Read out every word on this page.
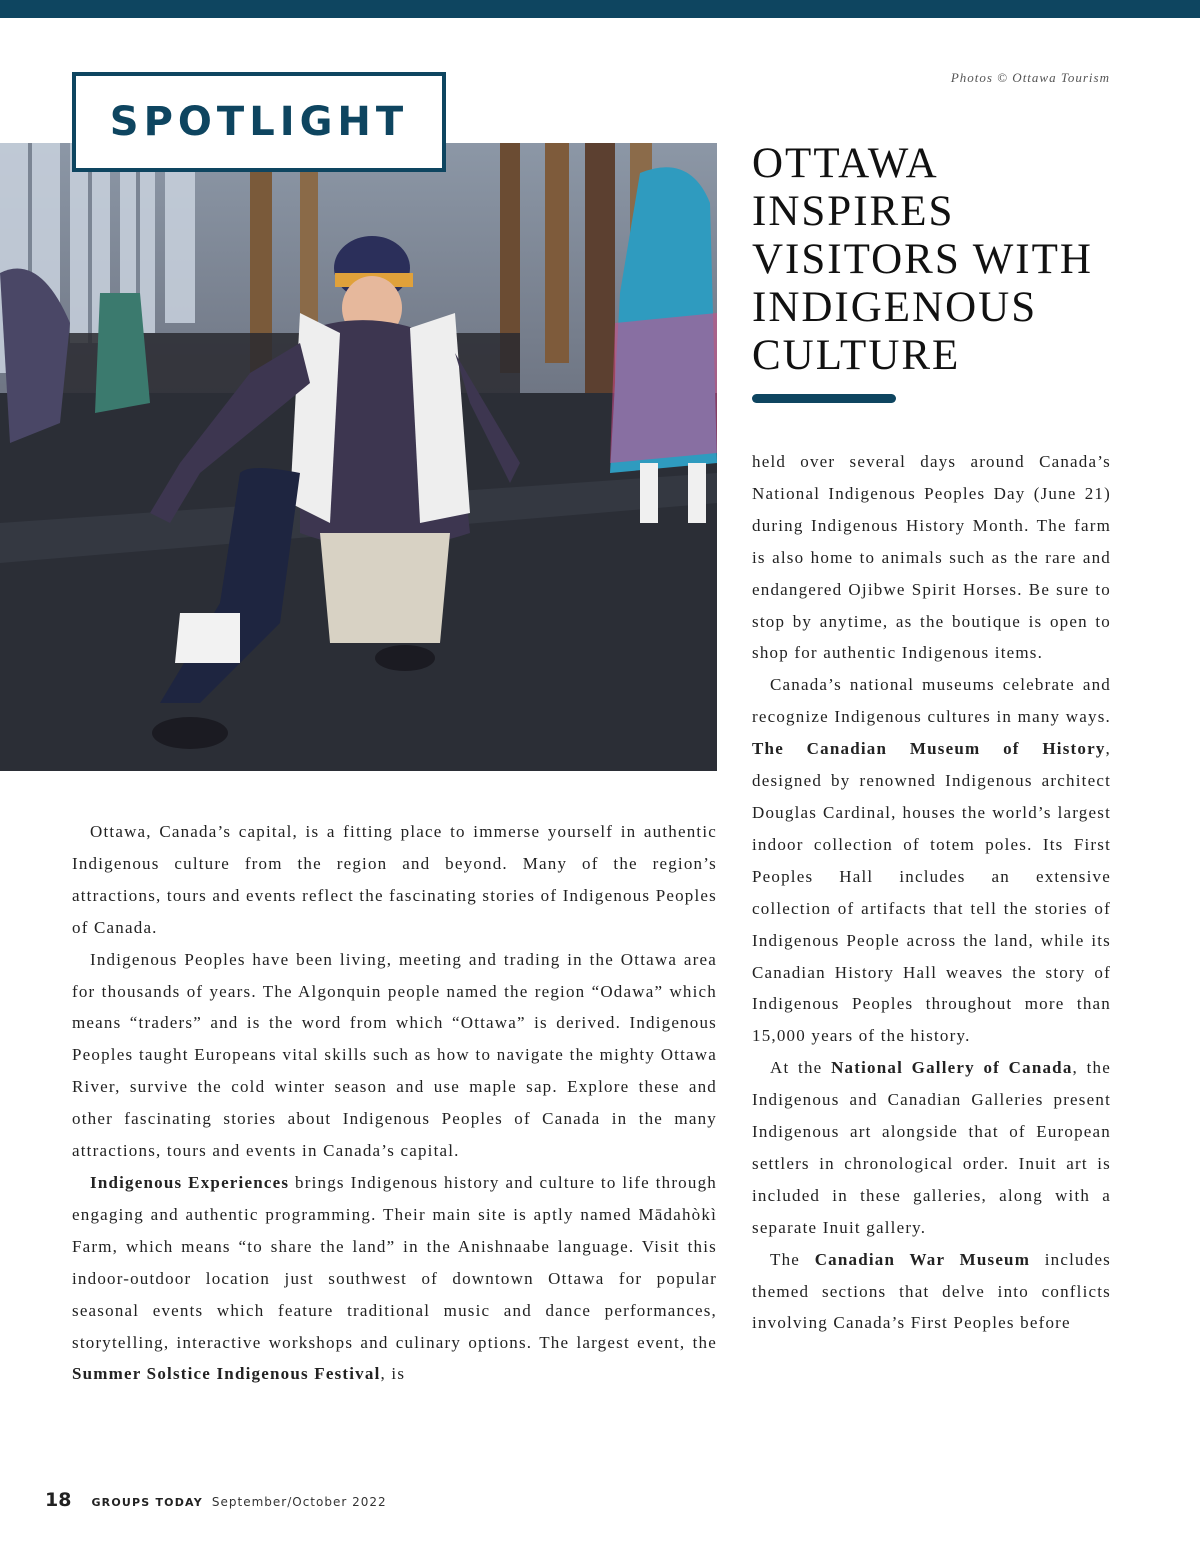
Photos © Ottawa Tourism
SPOTLIGHT
OTTAWA
INSPIRES
VISITORS WITH
INDIGENOUS
CULTURE

Ottawa, Canada’s capital, is a fitting place to immerse yourself in authentic Indigenous culture from the region and beyond. Many of the region’s attractions, tours and events reflect the fascinating stories of Indigenous Peoples of Canada.

Indigenous Peoples have been living, meeting and trading in the Ottawa area for thousands of years. The Algonquin people named the region “Odawa” which means “traders” and is the word from which “Ottawa” is derived. Indigenous Peoples taught Europeans vital skills such as how to navigate the mighty Ottawa River, survive the cold winter season and use maple sap. Explore these and other fascinating stories about Indigenous Peoples of Canada in the many attractions, tours and events in Canada’s capital.

Indigenous Experiences brings Indigenous history and culture to life through engaging and authentic programming. Their main site is aptly named Mādahòkì Farm, which means “to share the land” in the Anishnaabe language. Visit this indoor-outdoor location just southwest of downtown Ottawa for popular seasonal events which feature traditional music and dance performances, storytelling, interactive workshops and culinary options. The largest event, the Summer Solstice Indigenous Festival, is

held over several days around Canada’s National Indigenous Peoples Day (June 21) during Indigenous History Month. The farm is also home to animals such as the rare and endangered Ojibwe Spirit Horses. Be sure to stop by anytime, as the boutique is open to shop for authentic Indigenous items.

Canada’s national museums celebrate and recognize Indigenous cultures in many ways. The Canadian Museum of History, designed by renowned Indigenous architect Douglas Cardinal, houses the world’s largest indoor collection of totem poles. Its First Peoples Hall includes an extensive collection of artifacts that tell the stories of Indigenous People across the land, while its Canadian History Hall weaves the story of Indigenous Peoples throughout more than 15,000 years of the history.

At the National Gallery of Canada, the Indigenous and Canadian Galleries present Indigenous art alongside that of European settlers in chronological order. Inuit art is included in these galleries, along with a separate Inuit gallery.

The Canadian War Museum includes themed sections that delve into conflicts involving Canada’s First Peoples before

18 GROUPS TODAY September/October 2022
